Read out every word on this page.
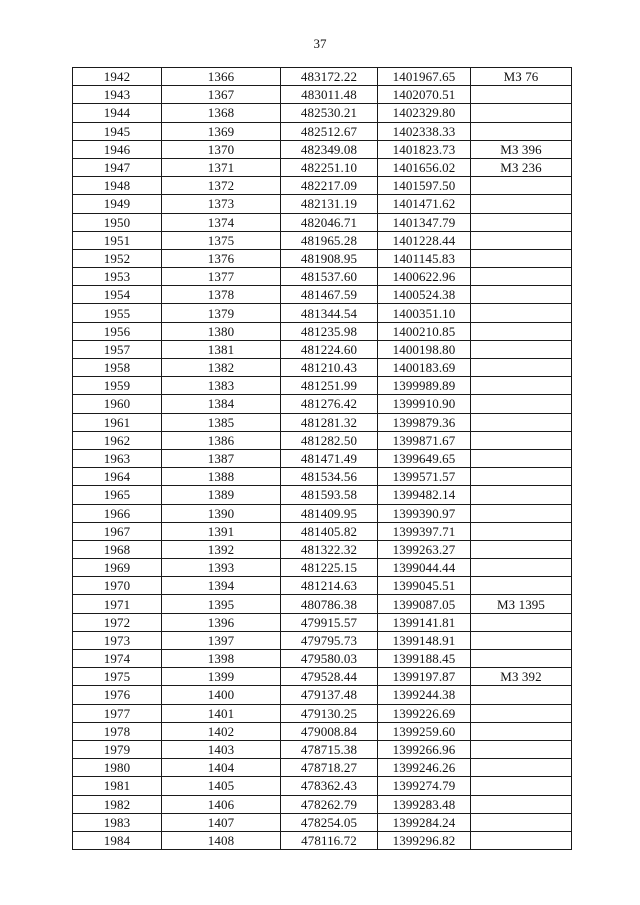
37
1942	1366	483172.22	1401967.65	МЗ 76
1943	1367	483011.48	1402070.51	
1944	1368	482530.21	1402329.80	
1945	1369	482512.67	1402338.33	
1946	1370	482349.08	1401823.73	МЗ 396
1947	1371	482251.10	1401656.02	МЗ 236
1948	1372	482217.09	1401597.50	
1949	1373	482131.19	1401471.62	
1950	1374	482046.71	1401347.79	
1951	1375	481965.28	1401228.44	
1952	1376	481908.95	1401145.83	
1953	1377	481537.60	1400622.96	
1954	1378	481467.59	1400524.38	
1955	1379	481344.54	1400351.10	
1956	1380	481235.98	1400210.85	
1957	1381	481224.60	1400198.80	
1958	1382	481210.43	1400183.69	
1959	1383	481251.99	1399989.89	
1960	1384	481276.42	1399910.90	
1961	1385	481281.32	1399879.36	
1962	1386	481282.50	1399871.67	
1963	1387	481471.49	1399649.65	
1964	1388	481534.56	1399571.57	
1965	1389	481593.58	1399482.14	
1966	1390	481409.95	1399390.97	
1967	1391	481405.82	1399397.71	
1968	1392	481322.32	1399263.27	
1969	1393	481225.15	1399044.44	
1970	1394	481214.63	1399045.51	
1971	1395	480786.38	1399087.05	МЗ 1395
1972	1396	479915.57	1399141.81	
1973	1397	479795.73	1399148.91	
1974	1398	479580.03	1399188.45	
1975	1399	479528.44	1399197.87	МЗ 392
1976	1400	479137.48	1399244.38	
1977	1401	479130.25	1399226.69	
1978	1402	479008.84	1399259.60	
1979	1403	478715.38	1399266.96	
1980	1404	478718.27	1399246.26	
1981	1405	478362.43	1399274.79	
1982	1406	478262.79	1399283.48	
1983	1407	478254.05	1399284.24	
1984	1408	478116.72	1399296.82	
